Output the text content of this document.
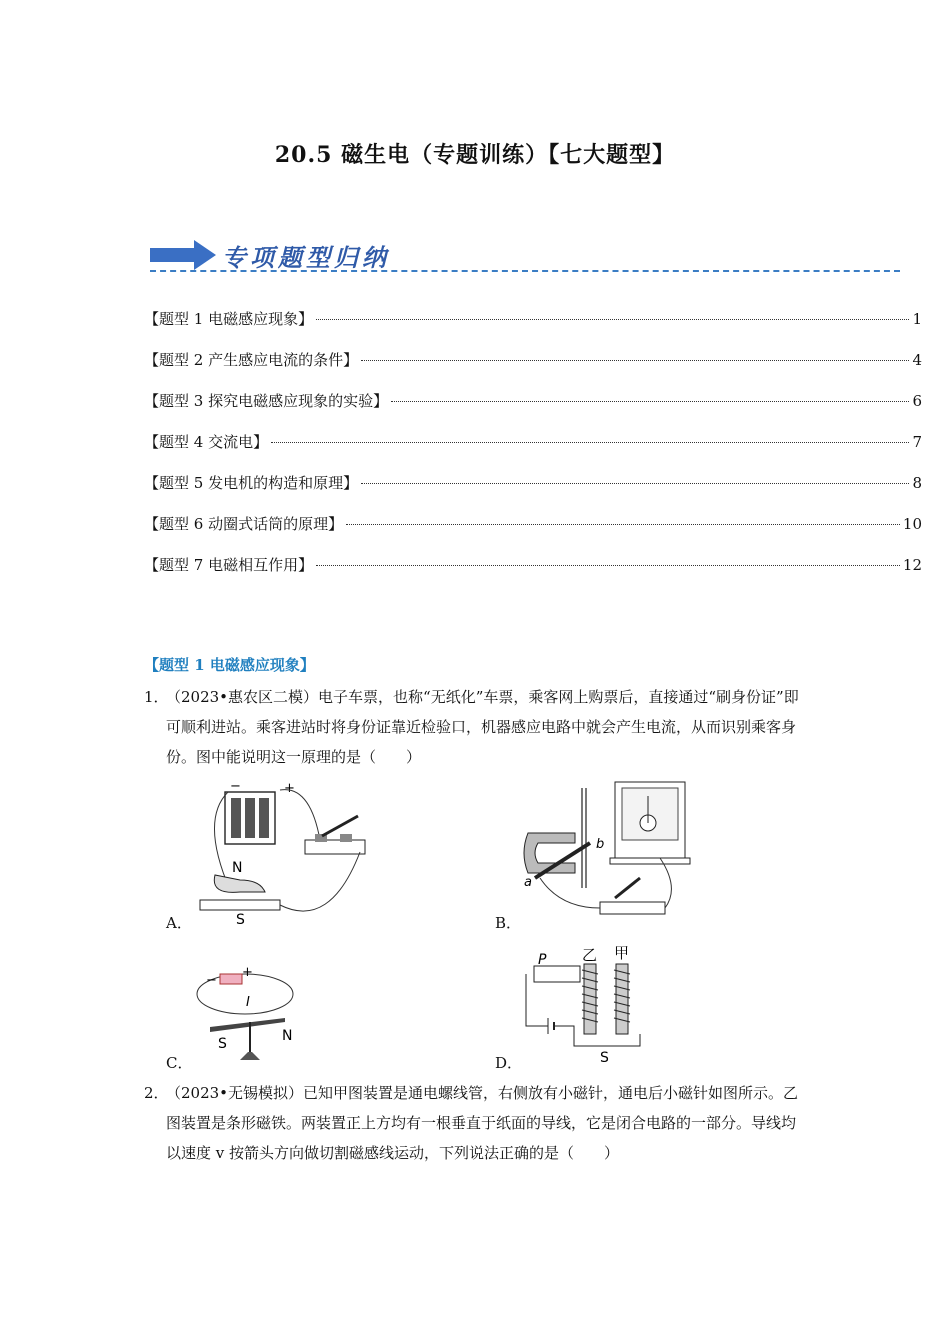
20.5 磁生电（专题训练）【七大题型】
专项题型归纳
【题型 1 电磁感应现象】	1
【题型 2 产生感应电流的条件】	4
【题型 3 探究电磁感应现象的实验】	6
【题型 4 交流电】	7
【题型 5 发电机的构造和原理】	8
【题型 6 动圈式话筒的原理】	10
【题型 7 电磁相互作用】	12
【题型 1 电磁感应现象】
1．
（2023•惠农区二模）电子车票，也称“无纸化”车票，乘客网上购票后，直接通过“刷身份证”即可顺利进站。乘客进站时将身份证靠近检验口，机器感应电路中就会产生电流，从而识别乘客身份。图中能说明这一原理的是（　　）
−	+
N
S
A．
a
b
B．
−
+
I
S	N
C．
P 乙 甲
S
D．
2．
（2023•无锡模拟）已知甲图装置是通电螺线管，右侧放有小磁针，通电后小磁针如图所示。乙图装置是条形磁铁。两装置正上方均有一根垂直于纸面的导线，它是闭合电路的一部分。导线均以速度 v 按箭头方向做切割磁感线运动，下列说法正确的是（　　）
